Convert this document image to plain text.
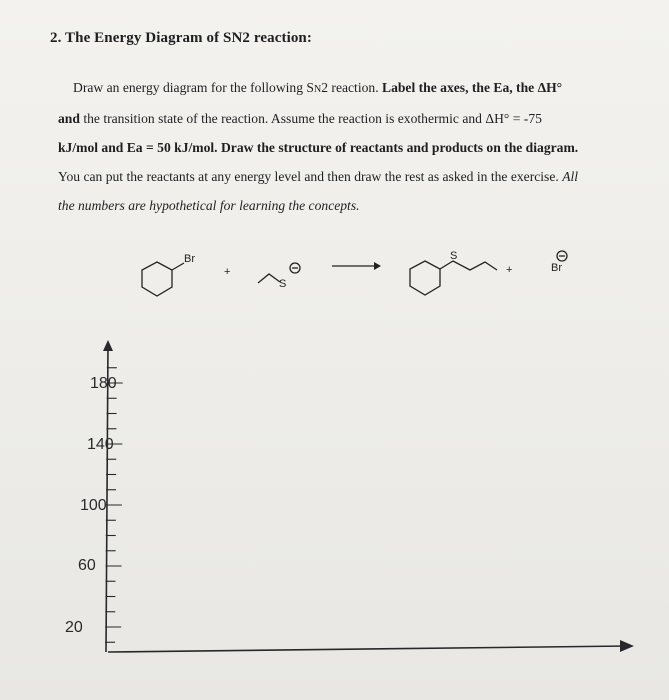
2. The Energy Diagram of SN2 reaction:
Draw an energy diagram for the following SN2 reaction. Label the axes, the Ea, the ΔH°
and the transition state of the reaction. Assume the reaction is exothermic and ΔH° = -75
kJ/mol and Ea = 50 kJ/mol. Draw the structure of reactants and products on the diagram.
You can put the reactants at any energy level and then draw the rest as asked in the exercise. All
the numbers are hypothetical for learning the concepts.
Br
+
S
S
+	Br
180
140
100
60
20
